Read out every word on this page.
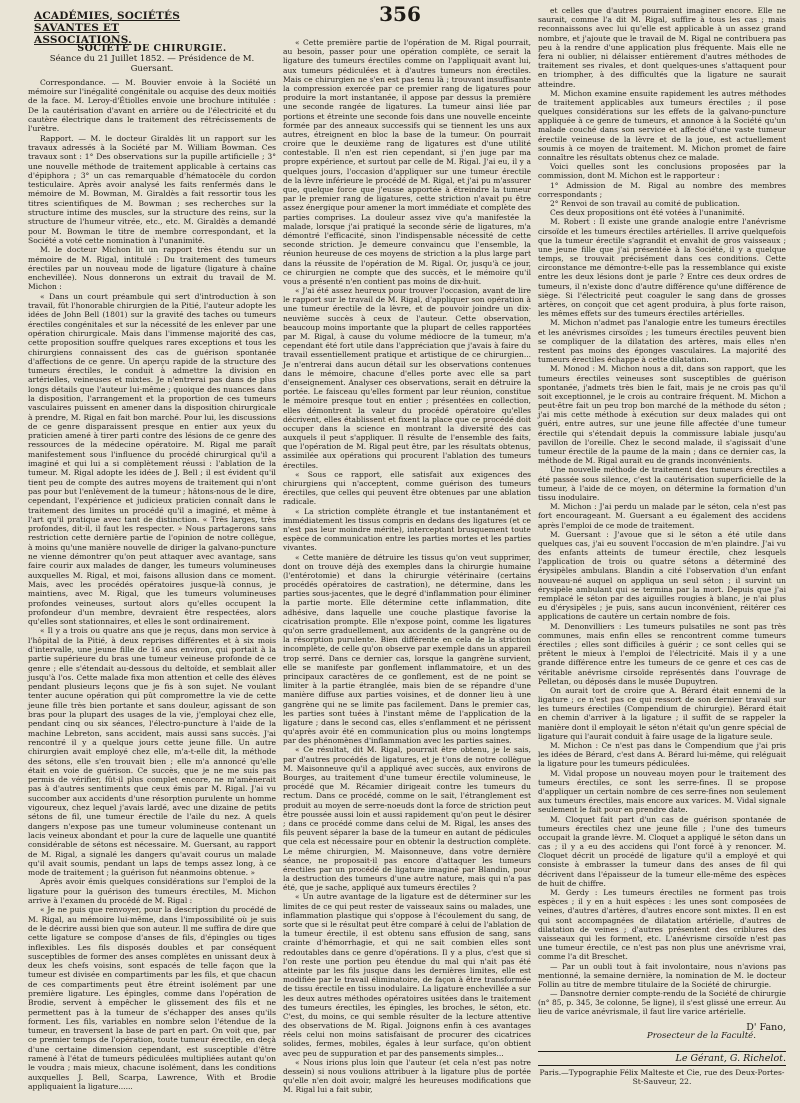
ACADÉMIES, SOCIÉTÉS SAVANTES ET ASSOCIATIONS.
356
SOCIÉTÉ DE CHIRURGIE.
Séance du 21 Juillet 1852. — Présidence de M. Guersant.

Correspondance. — M. Bouvier envoie à la Société un mémoire sur l'inégalité congénitale ou acquise des deux moitiés de la face. M. Leroy-d'Étiolles envoie une brochure intitulée : De la cautérisation d'avant en arrière ou de l'électricité et du cautère électrique dans le traitement des rétrécissements de l'urètre.

Rapport. — M. le docteur Giraldès lit un rapport sur les travaux adressés à la Société par M. William Bowman. Ces travaux sont : 1° Des observations sur la pupille artificielle ; 3° une nouvelle méthode de traitement applicable à certains cas d'épiphora ; 3° un cas remarquable d'hématocèle du cordon testiculaire. Après avoir analysé les faits renfermés dans le mémoire de M. Bowman, M. Giraldès a fait ressortir tous les titres scientifiques de M. Bowman ; ses recherches sur la structure intime des muscles, sur la structure des reins, sur la structure de l'humeur vitrée, etc., etc. M. Giraldès a demandé pour M. Bowman le titre de membre correspondant, et la Société a voté cette nomination à l'unanimité.

M. le docteur Michon lit un rapport très étendu sur un mémoire de M. Rigal, intitulé : Du traitement des tumeurs érectiles par un nouveau mode de ligature (ligature à chaîne enchevillée). Nous donnerons un extrait du travail de M. Michon :

« Dans un court préambule qui sert d'introduction à son travail, fût l'honorable chirurgien de la Pitié, l'auteur adopte les idées de John Bell (1801) sur la gravité des taches ou tumeurs érectiles congénitales et sur la nécessité de les enlever par une opération chirurgicale. Mais dans l'immense majorité des cas, cette proposition souffre quelques rares exceptions et tous les chirurgiens connaissent des cas de guérison spontanée d'affections de ce genre. Un aperçu rapide de la structure des tumeurs érectiles, le conduit à admettre la division en artérielles, veineuses et mixtes. Je n'entrerai pas dans de plus longs détails que l'auteur lui-même ; quoique des nuances dans la disposition, l'arrangement et la proportion de ces tumeurs vasculaires puissent en amener dans la disposition chirurgicale à prendre, M. Rigal en fait bon marché. Pour lui, les discussions de ce genre disparaissent presque en entier aux yeux du praticien amené à tirer parti contre des lésions de ce genre des ressources de la médecine opératoire. M. Rigal me paraît manifestement sous l'influence du procédé chirurgical qu'il a imaginé et qui lui a si complètement réussi : l'ablation de la tumeur. M. Rigal adopte les idées de J. Bell ; il est évident qu'il tient peu de compte des autres moyens de traitement qui n'ont pas pour but l'enlèvement de la tumeur ; hâtons-nous de le dire, cependant, l'expérience et judicieux praticien connaît dans le traitement des limites un procédé qu'il a imaginé, et même à l'art qu'il pratique avec tant de distinction. « Très larges, très profondes, dit-il, il faut les respecter. » Nous partagerons sans restriction cette dernière partie de l'opinion de notre collègue, à moins qu'une manière nouvelle de diriger la galvano-puncture ne vienne démontrer qu'on peut attaquer avec avantage, sans faire courir aux malades de danger, les tumeurs volumineuses auxquelles M. Rigal, et moi, faisons allusion dans ce moment. Mais, avec les procédés opératoires jusque-là connus, je maintiens, avec M. Rigal, que les tumeurs volumineuses profondes veineuses, surtout alors qu'elles occupent la profondeur d'un membre, devraient être respectées, alors qu'elles sont stationnaires, et elles le sont ordinairement.

« Il y a trois ou quatre ans que je reçus, dans mon service à l'hôpital de la Pitié, à deux reprises différentes et à six mois d'intervalle, une jeune fille de 16 ans environ, qui portait à la partie supérieure du bras une tumeur veineuse profonde de ce genre ; elle s'étendait au-dessous du deltoïde, et semblait aller jusqu'à l'os. Cette malade fixa mon attention et celle des élèves pendant plusieurs leçons que je fis à son sujet. Ne voulant tenter aucune opération qui pût compromettre la vie de cette jeune fille très bien portante et sans douleur, agissant de son bras pour la plupart des usages de la vie, j'employai chez elle, pendant cinq ou six séances, l'électro-puncture à l'aide de la machine Lebreton, sans accident, mais aussi sans succès. J'ai rencontré il y a quelque jours cette jeune fille. Un autre chirurgien avait employé chez elle, m'a-t-elle dit, la méthode des sétons, elle s'en trouvait bien ; elle m'a annoncé qu'elle était en voie de guérison. Ce succès, que je ne me suis pas permis de vérifier, fût-il plus complet encore, ne m'amènerait pas à d'autres sentiments que ceux émis par M. Rigal. J'ai vu succomber aux accidents d'une résorption purulente un homme vigoureux, chez lequel j'avais lardé, avec une dizaine de petits sétons de fil, une tumeur érectile de l'aile du nez. A quels dangers n'expose pas une tumeur volumineuse contenant un lacis veineux abondant et pour la cure de laquelle une quantité considérable de sétons est nécessaire. M. Guersant, au rapport de M. Rigal, a signalé les dangers qu'avait courus un malade qu'il avait soumis, pendant un laps de temps assez long, à ce mode de traitement ; la guérison fut néanmoins obtenue. »

Après avoir émis quelques considérations sur l'emploi de la ligature pour la guérison des tumeurs érectiles, M. Michon arrive à l'examen du procédé de M. Rigal :

« Je ne puis que renvoyer, pour la description du procédé de M. Rigal, au mémoire lui-même, dans l'impossibilité où je suis de le décrire aussi bien que son auteur. Il me suffira de dire que cette ligature se compose d'anses de fils, d'épingles ou tiges inflexibles. Les fils disposés doubles et par conséquent susceptibles de former des anses complètes en unissant deux à deux les chefs voisins, sont espacés de telle façon que la tumeur est divisée en compartiments par les fils, et que chacun de ces compartiments peut être étreint isolément par une première ligature. Les épingles, comme dans l'opération de Brodie, servent à empêcher le glissement des fils et ne permettent pas à la tumeur de s'échapper des anses qu'ils forment. Les fils, variables en nombre selon l'étendue de la tumeur, en traversent la base de part en part. On voit que, par ce premier temps de l'opération, toute tumeur érectile, en deçà d'une certaine dimension cependant, est susceptible d'être ramené à l'état de tumeurs pédiculées multipliées autant qu'on le voudra ; mais mieux, chacune isolément, dans les conditions auxquelles J. Bell, Scarpa, Lawrence, With et Brodie appliquaient la ligature......

« Cette première partie de l'opération de M. Rigal pourrait, au besoin, passer pour une opération complète, ce serait la ligature des tumeurs érectiles comme on l'appliquait avant lui, aux tumeurs pédiculées et à d'autres tumeurs non érectiles. Mais ce chirurgien ne s'en est pas tenu là ; trouvant insuffisante la compression exercée par ce premier rang de ligatures pour produire la mort instantanée, il appose par dessus la première une seconde rangée de ligatures. La tumeur ainsi liée par portions et étreinte une seconde fois dans une nouvelle enceinte formée par des anneaux successifs qui se tiennent les uns aux autres, étreignent en bloc la base de la tumeur. On pourrait croire que le deuxième rang de ligatures est d'une utilité contestable. Il n'en est rien cependant, si j'en juge par ma propre expérience, et surtout par celle de M. Rigal. J'ai eu, il y a quelques jours, l'occasion d'appliquer sur une tumeur érectile de la lèvre inférieure le procédé de M. Rigal, et j'ai pu m'assurer que, quelque force que j'eusse apportée à étreindre la tumeur par le premier rang de ligatures, cette striction n'avait pu être assez énergique pour amener la mort immédiate et complète des parties comprises. La douleur assez vive qu'a manifestée la malade, lorsque j'ai pratiqué la seconde série de ligatures, m'a démontré l'efficacité, sinon l'indispensable nécessité de cette seconde striction. Je demeure convaincu que l'ensemble, la réunion heureuse de ces moyens de striction a la plus large part dans la réussite de l'opération de M. Rigal. Or, jusqu'à ce jour, ce chirurgien ne compte que des succès, et le mémoire qu'il vous a présenté n'en contient pas moins de dix-huit.

« J'ai été assez heureux pour trouver l'occasion, avant de lire le rapport sur le travail de M. Rigal, d'appliquer son opération à une tumeur érectile de la lèvre, et de pouvoir joindre un dix-neuvième succès à ceux de l'auteur. Cette observation, beaucoup moins importante que la plupart de celles rapportées par M. Rigal, à cause du volume médiocre de la tumeur, m'a cependant été fort utile dans l'appréciation que j'avais à faire du travail essentiellement pratique et artistique de ce chirurgien... Je n'entrerai dans aucun détail sur les observations contenues dans le mémoire, chacune d'elles porte avec elle sa part d'enseignement. Analyser ces observations, serait en détruire la portée. Le faisceau qu'elles forment par leur réunion, constitue le mémoire presque tout en entier ; présentées en collection, elles démontrent la valeur du procédé opératoire qu'elles décrivent, elles établissent et fixent la place que ce procédé doit occuper dans la science en montrant la diversité des cas auxquels il peut s'appliquer. Il résulte de l'ensemble des faits, que l'opération de M. Rigal peut être, par les résultats obtenus, assimilée aux opérations qui procurent l'ablation des tumeurs érectiles.

« Sous ce rapport, elle satisfait aux exigences des chirurgiens qui n'acceptent, comme guérison des tumeurs érectiles, que celles qui peuvent être obtenues par une ablation radicale.

« La striction complète étrangle et tue instantanément et immédiatement les tissus compris en dedans des ligatures (et ce n'est pas leur moindre mérite), interceptant brusquement toute espèce de communication entre les parties mortes et les parties vivantes.

« Cette manière de détruire les tissus qu'on veut supprimer, dont on trouve déjà des exemples dans la chirurgie humaine (l'entérotomie) et dans la chirurgie vétérinaire (certains procédés opératoires de castration), ne détermine, dans les parties sous-jacentes, que le degré d'inflammation pour éliminer la partie morte. Elle détermine cette inflammation, dite adhésive, dans laquelle une couche plastique favorise la cicatrisation prompte. Elle n'expose point, comme les ligatures qu'on serre graduellement, aux accidents de la gangrène ou de la résorption purulente. Bien différente en cela de la striction incomplète, de celle qu'on observe par exemple dans un appareil trop serré. Dans ce dernier cas, lorsque la gangrène survient, elle se manifeste par gonflement inflammatoire, et un des principaux caractères de ce gonflement, est de ne point se limiter à la partie étranglée, mais bien de se répandre d'une manière diffuse aux parties voisines, et de donner lieu à une gangrène qui ne se limite pas facilement. Dans le premier cas, les parties sont tuées à l'instant même de l'application de la ligature ; dans le second cas, elles s'enflamment et ne périssent qu'après avoir été en communication plus ou moins longtemps par des phénomènes d'inflammation avec les parties saines.

« Ce résultat, dit M. Rigal, pourrait être obtenu, je le sais, par d'autres procédés de ligatures, et je t'ons de notre collègue M. Maisonneuve qu'il a appliqué avec succès, aux environs de Bourges, au traitement d'une tumeur érectile volumineuse, le procédé que M. Récamier dirigeait contre les tumeurs du rectum. Dans ce procédé, comme on le sait, l'étranglement est produit au moyen de serre-noeuds dont la force de striction peut être poussée aussi loin et aussi rapidement qu'on peut le désirer ; dans ce procédé comme dans celui de M. Rigal, les anses des fils peuvent séparer la base de la tumeur en autant de pédicules que cela est nécessaire pour en obtenir la destruction complète. Le même chirurgien, M. Maisonneuve, dans votre dernière séance, ne proposait-il pas encore d'attaquer les tumeurs érectiles par un procédé de ligature imaginé par Blandin, pour la destruction des tumeurs d'une autre nature, mais qui n'a pas été, que je sache, appliqué aux tumeurs érectiles ?

« Un autre avantage de la ligature est de déterminer sur les limites de ce qui peut rester de vaisseaux sains ou malades, une inflammation plastique qui s'oppose à l'écoulement du sang, de sorte que si le résultat peut être comparé à celui de l'ablation de la tumeur érectile, il est obtenu sans effusion de sang, sans crainte d'hémorrhagie, et qui ne sait combien elles sont redoutables dans ce genre d'opérations. Il y a plus, c'est que si l'on reste une portion peu étendue du mal qui n'ait pas été atteinte par les fils jusque dans les dernières limites, elle est modifiée par le travail éliminatoire, de façon à être transformée de tissu érectile en tissu inodulaire. La ligature enchevillée a sur les deux autres méthodes opératoires usitées dans le traitement des tumeurs érectiles, les épingles, les broches, le séton, etc. C'est, du moins, ce qui semble résulter de la lecture attentive des observations de M. Rigal. Joignons enfin à ces avantages réels celui non moins satisfaisant de procurer des cicatrices solides, fermes, mobiles, égales à leur surface, qu'on obtient avec peu de suppuration et par des pansements simples...

« Nous irions plus loin que l'auteur (et cela n'est pas notre dessein) si nous voulions attribuer à la ligature plus de portée qu'elle n'en doit avoir, malgré les heureuses modifications que M. Rigal lui a fait subir,

et celles que d'autres pourraient imaginer encore. Elle ne saurait, comme l'a dit M. Rigal, suffire à tous les cas ; mais reconnaissons avec lui qu'elle est applicable à un assez grand nombre, et j'ajoute que le travail de M. Rigal ne contribuera pas peu à la rendre d'une application plus fréquente. Mais elle ne fera ni oublier, ni délaisser entièrement d'autres méthodes de traitement ses rivales, et dont quelques-unes s'attaquent pour en triompher, à des difficultés que la ligature ne saurait atteindre.

M. Michon examine ensuite rapidement les autres méthodes de traitement applicables aux tumeurs érectiles ; il pose quelques considérations sur les effets de la galvano-puncture appliquée à ce genre de tumeurs, et annonce à la Société qu'un malade couché dans son service et affecté d'une vaste tumeur érectile veineuse de la lèvre et de la joue, est actuellement soumis à ce moyen de traitement. M. Michon promet de faire connaître les résultats obtenus chez ce malade.

Voici quelles sont les conclusions proposées par la commission, dont M. Michon est le rapporteur :

1° Admission de M. Rigal au nombre des membres correspondants ;

2° Renvoi de son travail au comité de publication.

Ces deux propositions ont été votées à l'unanimité.

M. Robert : Il existe une grande analogie entre l'anévrisme cirsoïde et les tumeurs érectiles artérielles. Il arrive quelquefois que la tumeur érectile s'agrandit et envahit de gros vaisseaux ; une jeune fille que j'ai présentée à la Société, il y a quelque temps, se trouvait précisément dans ces conditions. Cette circonstance me démontre-t-elle pas la ressemblance qui existe entre les deux lésions dont je parle ? Entre ces deux ordres de tumeurs, il n'existe donc d'autre différence qu'une différence de siège. Si l'électricité peut coaguler le sang dans de grosses artères, on conçoit que cet agent produira, à plus forte raison, les mêmes effets sur des tumeurs érectiles artérielles.

M. Michon n'admet pas l'analogie entre les tumeurs érectiles et les anévrismes cirsoïdes ; les tumeurs érectiles peuvent bien se compliquer de la dilatation des artères, mais elles n'en restent pas moins des éponges vasculaires. La majorité des tumeurs érectiles échappe à cette dilatation.

M. Monod : M. Michon nous a dit, dans son rapport, que les tumeurs érectiles veineuses sont susceptibles de guérison spontanée, j'admets très bien le fait, mais je ne crois pas qu'il soit exceptionnel, je le crois au contraire fréquent. M. Michon a peut-être fait un peu trop bon marché de la méthode du séton ; j'ai mis cette méthode à exécution sur deux malades qui ont guéri, entre autres, sur une jeune fille affectée d'une tumeur érectile qui s'étendait depuis la commissure labiale jusqu'au pavillon de l'oreille. Chez le second malade, il s'agissait d'une tumeur érectile de la paume de la main ; dans ce dernier cas, la méthode de M. Rigal aurait eu de grands inconvénients.

Une nouvelle méthode de traitement des tumeurs érectiles a été passée sous silence, c'est la cautérisation superficielle de la tumeur, à l'aide de ce moyen, on détermine la formation d'un tissu inodulaire.

M. Michon : J'ai perdu un malade par le séton, cela n'est pas fort encourageant. M. Guersant a eu également des accidens après l'emploi de ce mode de traitement.

M. Guersant : J'avoue que si le séton a été utile dans quelques cas, j'ai eu souvent l'occasion de m'en plaindre. J'ai vu des enfants atteints de tumeur érectile, chez lesquels l'application de trois ou quatre sétons a déterminé des érysipèles ambulans. Blandin a cité l'observation d'un enfant nouveau-né auquel on appliqua un seul séton ; il survint un érysipèle ambulant qui se termina par la mort. Depuis que j'ai remplacé le séton par des aiguilles rougies à blanc, je n'ai plus eu d'érysipèles ; je puis, sans aucun inconvénient, réitérer ces applications de cautère un certain nombre de fois.

M. Denonvilliers : Les tumeurs pulsatiles ne sont pas très communes, mais enfin elles se rencontrent comme tumeurs érectiles ; elles sont difficiles à guérir ; ce sont celles qui se prêtent le mieux à l'emploi de l'électricité. Mais il y a une grande différence entre les tumeurs de ce genre et ces cas de véritable anévrisme cirsoïde représentés dans l'ouvrage de Pelletan, ou déposés dans le musée Dupuytren.

On aurait tort de croire que A. Bérard était ennemi de la ligature ; ce n'est pas ce qui ressort de son dernier travail sur les tumeurs érectiles (Compendium de chirurgie). Bérard était en chemin d'arriver à la ligature ; il suffit de se rappeler la manière dont il employait le séton n'était qu'un genre spécial de ligature qui l'aurait conduit à faire usage de la ligature seule.

M. Michon : Ce n'est pas dans le Compendium que j'ai pris les idées de Bérard, c'est dans A. Bérard lui-même, qui reléguait la ligature pour les tumeurs pédiculées.

M. Vidal propose un nouveau moyen pour le traitement des tumeurs érectiles, ce sont les serre-fines. Il se propose d'appliquer un certain nombre de ces serre-fines non seulement aux tumeurs érectiles, mais encore aux varices. M. Vidal signale seulement le fait pour en prendre date.

M. Cloquet fait part d'un cas de guérison spontanée de tumeurs érectiles chez une jeune fille ; l'une des tumeurs occupait la grande lèvre. M. Cloquet a appliqué le séton dans un cas ; il y a eu des accidens qui l'ont forcé à y renoncer. M. Cloquet décrit un procédé de ligature qu'il a employé et qui consiste à embrasser la tumeur dans des anses de fil qui décrivent dans l'épaisseur de la tumeur elle-même des espèces de huit de chiffre.

M. Gerdy : Les tumeurs érectiles ne forment pas trois espèces ; il y en a huit espèces : les unes sont composées de veines, d'autres d'artères, d'autres encore sont mixtes. Il en est qui sont accompagnées de dilatation artérielle, d'autres de dilatation de veines ; d'autres présentent des criblures des vaisseaux qui les forment, etc. L'anévrisme cirsoïde n'est pas une tumeur érectile, ce n'est pas non plus une anévrisme vrai, comme l'a dit Breschet.

— Par un oubli tout à fait involontaire, nous n'avions pas mentionné, la semaine dernière, la nomination de M. le docteur Follin au titre de membre titulaire de la Société de chirurgie.

— Dansnotre dernier compte-rendu de la Société de chirurgie (n° 85, p. 345, 3e colonne, 5e ligne), il s'est glissé une erreur. Au lieu de varice anévrismale, il faut lire varice artérielle.

D' Fano,
Prosecteur de la Faculté.
Le Gérant, G. Richelot.
Paris.—Typographie Félix Malteste et Cie, rue des Deux-Portes-St-Sauveur, 22.
